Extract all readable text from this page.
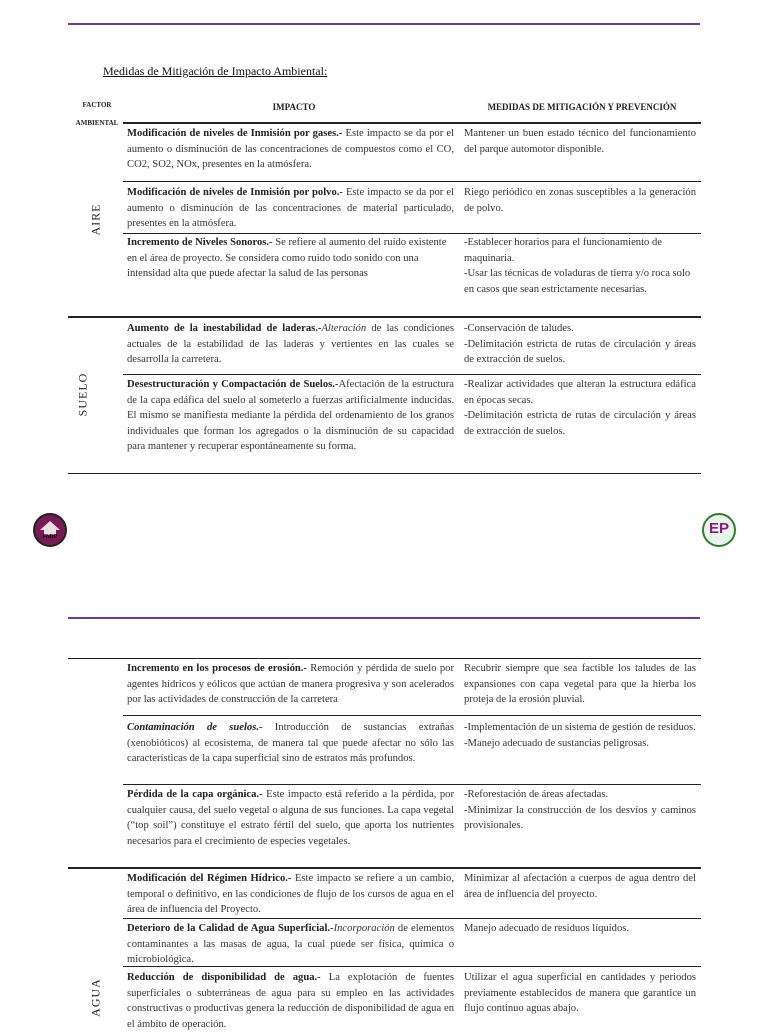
Medidas de Mitigación de Impacto Ambiental:
FACTOR
AMBIENTAL
IMPACTO	MEDIDAS DE MITIGACIÓN Y PREVENCIÓN
AIRE

Modificación de niveles de Inmisión por gases.- Este impacto se da por el aumento o disminución de las concentraciones de compuestos como el CO, CO2, SO2, NOx, presentes en la atmósfera.

Mantener un buen estado técnico del funcionamiento del parque automotor disponible.

Modificación de niveles de Inmisión por polvo.- Este impacto se da por el aumento o disminución de las concentraciones de material particulado, presentes en la atmósfera.

Riego periódico en zonas susceptibles a la generación de polvo.

Incremento de Niveles Sonoros.- Se refiere al aumento del ruido existente en el área de proyecto. Se considera como ruido todo sonido con una intensidad alta que puede afectar la salud de las personas

-Establecer horarios para el funcionamiento de maquinaria.
-Usar las técnicas de voladuras de tierra y/o roca solo en casos que sean estrictamente necesarias.

SUELO

Aumento de la inestabilidad de laderas.-Alteración de las condiciones actuales de la estabilidad de las laderas y vertientes en las cuales se desarrolla la carretera.

-Conservación de taludes.
-Delimitación estricta de rutas de circulación y áreas de extracción de suelos.

Desestructuración y Compactación de Suelos.-Afectación de la estructura de la capa edáfica del suelo al someterlo a fuerzas artificialmente inducidas. El mismo se manifiesta mediante la pérdida del ordenamiento de los granos individuales que forman los agregados o la disminución de su capacidad para mantener y recuperar espontáneamente su forma.

-Realizar actividades que alteran la estructura edáfica en épocas secas.
-Delimitación estricta de rutas de circulación y áreas de extracción de suelos.

FNDR	EP

Incremento en los procesos de erosión.- Remoción y pérdida de suelo por agentes hídricos y eólicos que actúan de manera progresiva y son acelerados por las actividades de construcción de la carretera

Recubrir siempre que sea factible los taludes de las expansiones con capa vegetal para que la hierba los proteja de la erosión pluvial.

Contaminación de suelos.- Introducción de sustancias extrañas (xenobióticos) al ecosistema, de manera tal que puede afectar no sólo las características de la capa superficial sino de estratos más profundos.

-Implementación de un sistema de gestión de residuos.
-Manejo adecuado de sustancias peligrosas.

Pérdida de la capa orgánica.- Este impacto está referido a la pérdida, por cualquier causa, del suelo vegetal o alguna de sus funciones. La capa vegetal (“top soil”) constituye el estrato fértil del suelo, que aporta los nutrientes necesarios para el crecimiento de especies vegetales.

-Reforestación de áreas afectadas.
-Minimizar la construcción de los desvíos y caminos provisionales.

AGUA

Modificación del Régimen Hídrico.- Este impacto se refiere a un cambio, temporal o definitivo, en las condiciones de flujo de los cursos de agua en el área de influencia del Proyecto.

Minimizar al afectación a cuerpos de agua dentro del área de influencia del proyecto.

Deterioro de la Calidad de Agua Superficial.-Incorporación de elementos contaminantes a las masas de agua, la cual puede ser física, química o microbiológica.

Manejo adecuado de residuos líquidos.

Reducción de disponibilidad de agua.- La explotación de fuentes superficiales o subterráneas de agua para su empleo en las actividades constructivas o productivas genera la reducción de disponibilidad de agua en el ámbito de operación.

Utilizar el agua superficial en cantidades y periodos previamente establecidos de manera que garantice un flujo continuo aguas abajo.
